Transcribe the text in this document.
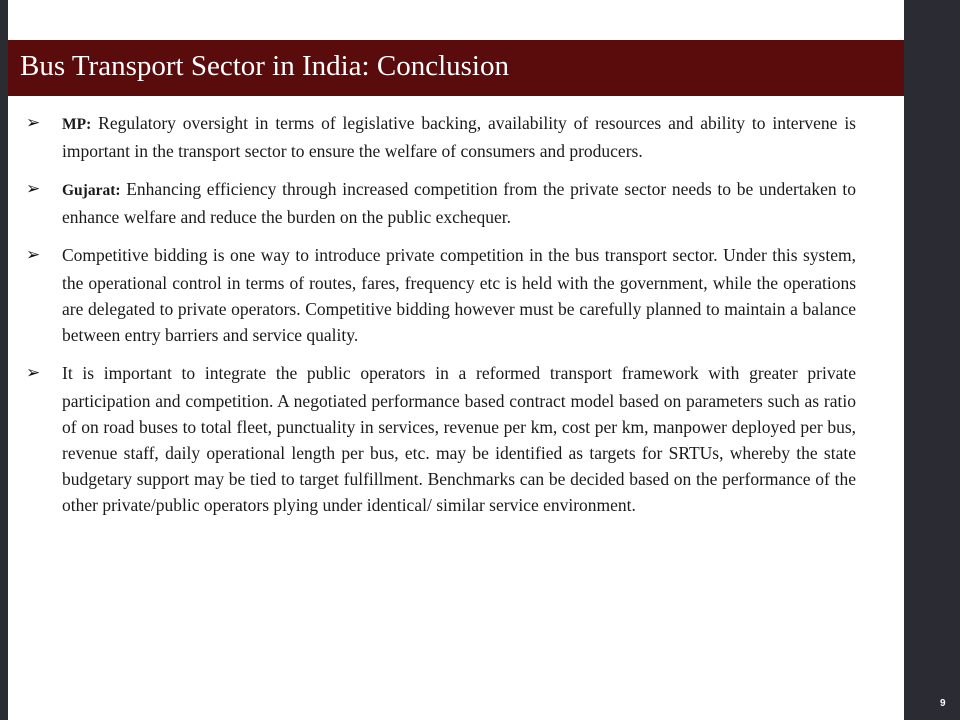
Bus Transport Sector in India: Conclusion
➢ MP: Regulatory oversight in terms of legislative backing, availability of resources and ability to intervene is important in the transport sector to ensure the welfare of consumers and producers.
➢ Gujarat: Enhancing efficiency through increased competition from the private sector needs to be undertaken to enhance welfare and reduce the burden on the public exchequer.
➢ Competitive bidding is one way to introduce private competition in the bus transport sector. Under this system, the operational control in terms of routes, fares, frequency etc is held with the government, while the operations are delegated to private operators. Competitive bidding however must be carefully planned to maintain a balance between entry barriers and service quality.
➢ It is important to integrate the public operators in a reformed transport framework with greater private participation and competition. A negotiated performance based contract model based on parameters such as ratio of on road buses to total fleet, punctuality in services, revenue per km, cost per km, manpower deployed per bus, revenue staff, daily operational length per bus, etc. may be identified as targets for SRTUs, whereby the state budgetary support may be tied to target fulfillment. Benchmarks can be decided based on the performance of the other private/public operators plying under identical/ similar service environment.
9
